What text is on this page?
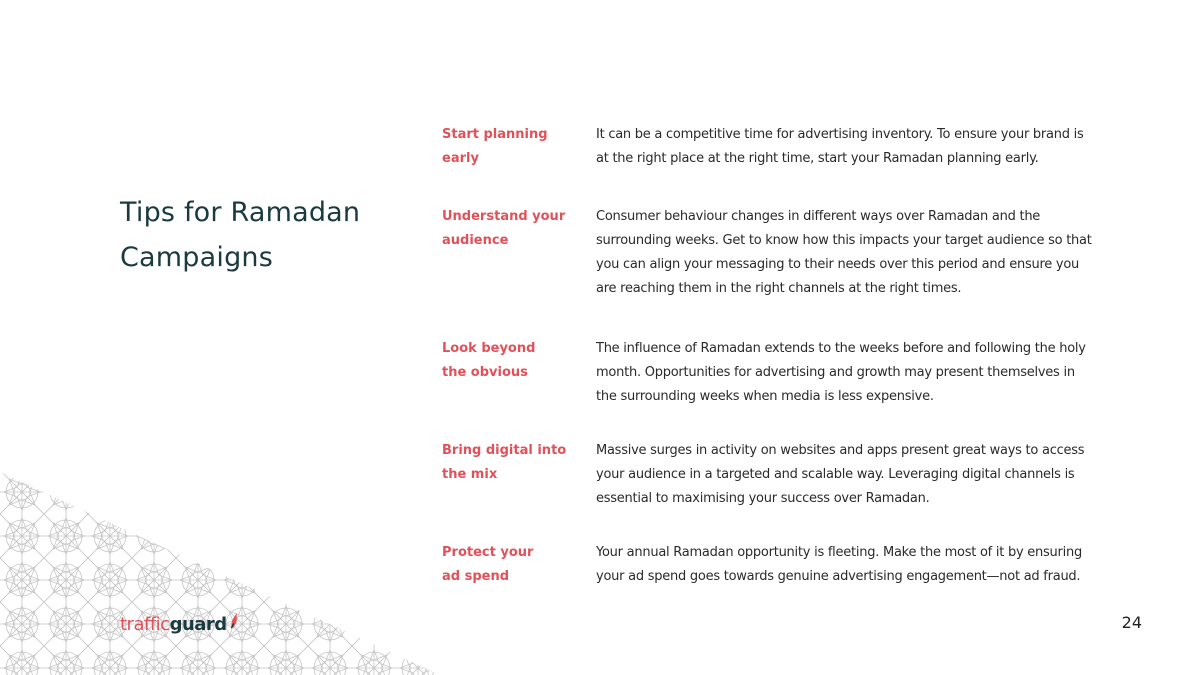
Tips for Ramadan Campaigns
Start planning
early
It can be a competitive time for advertising inventory. To ensure your brand is
at the right place at the right time, start your Ramadan planning early.
Understand your
audience
Consumer behaviour changes in different ways over Ramadan and the
surrounding weeks. Get to know how this impacts your target audience so that
you can align your messaging to their needs over this period and ensure you
are reaching them in the right channels at the right times.
Look beyond
the obvious
The influence of Ramadan extends to the weeks before and following the holy
month. Opportunities for advertising and growth may present themselves in
the surrounding weeks when media is less expensive.
Bring digital into
the mix
Massive surges in activity on websites and apps present great ways to access
your audience in a targeted and scalable way. Leveraging digital channels is
essential to maximising your success over Ramadan.
Protect your
ad spend
Your annual Ramadan opportunity is fleeting. Make the most of it by ensuring
your ad spend goes towards genuine advertising engagement—not ad fraud.
trafficguard	24
